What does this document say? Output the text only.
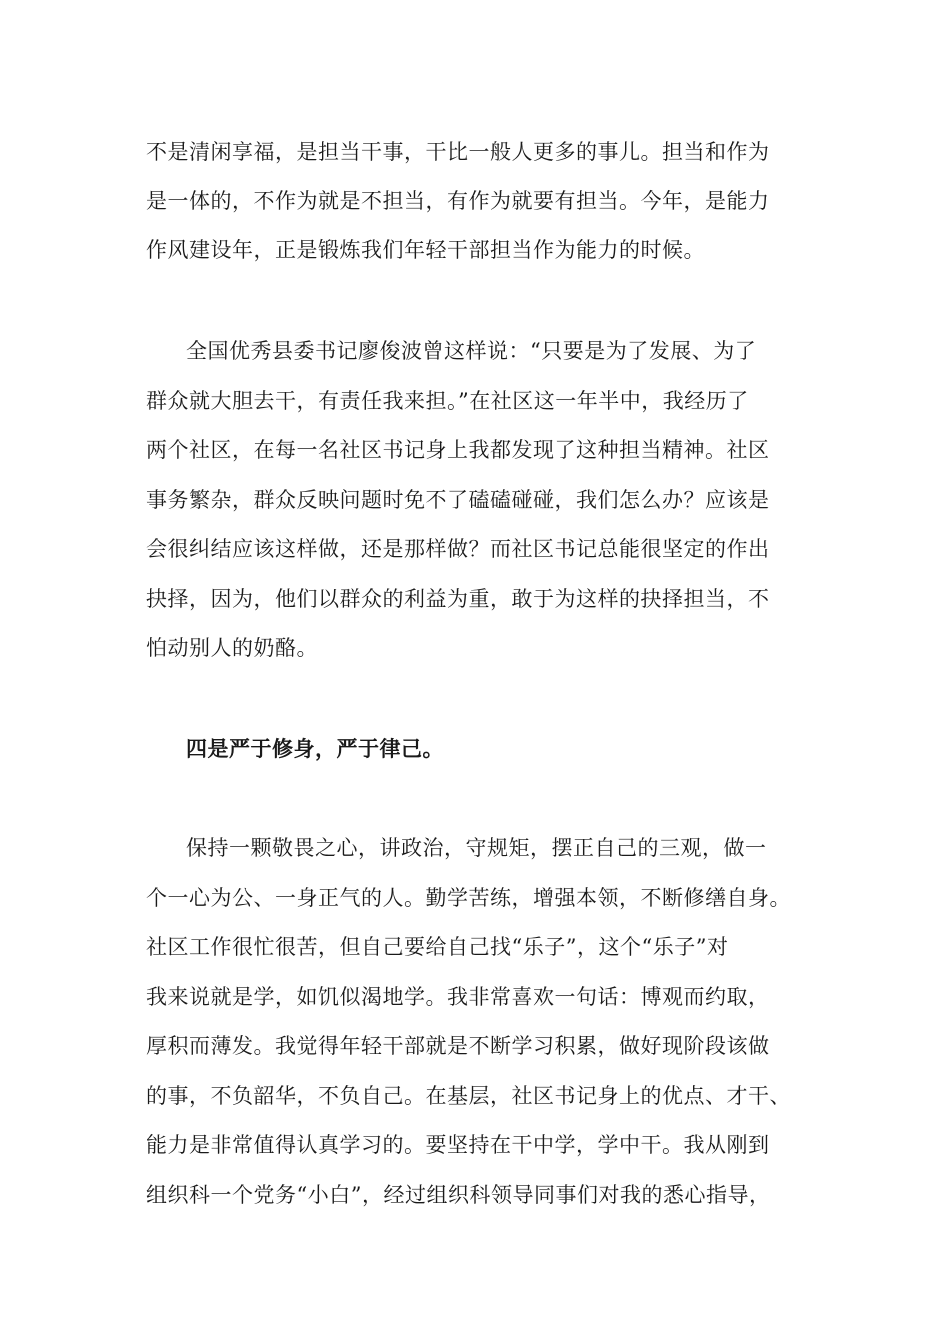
不是清闲享福，是担当干事，干比一般人更多的事儿。担当和作为
是一体的，不作为就是不担当，有作为就要有担当。今年，是能力
作风建设年，正是锻炼我们年轻干部担当作为能力的时候。
全国优秀县委书记廖俊波曾这样说：“只要是为了发展、为了
群众就大胆去干，有责任我来担。”在社区这一年半中，我经历了
两个社区，在每一名社区书记身上我都发现了这种担当精神。社区
事务繁杂，群众反映问题时免不了磕磕碰碰，我们怎么办？应该是
会很纠结应该这样做，还是那样做？而社区书记总能很坚定的作出
抉择，因为，他们以群众的利益为重，敢于为这样的抉择担当，不
怕动别人的奶酪。
四是严于修身，严于律己。
保持一颗敬畏之心，讲政治，守规矩，摆正自己的三观，做一
个一心为公、一身正气的人。勤学苦练，增强本领，不断修缮自身。
社区工作很忙很苦，但自己要给自己找“乐子”，这个“乐子”对
我来说就是学，如饥似渴地学。我非常喜欢一句话：博观而约取，
厚积而薄发。我觉得年轻干部就是不断学习积累，做好现阶段该做
的事，不负韶华，不负自己。在基层，社区书记身上的优点、才干、
能力是非常值得认真学习的。要坚持在干中学，学中干。我从刚到
组织科一个党务“小白”，经过组织科领导同事们对我的悉心指导，
